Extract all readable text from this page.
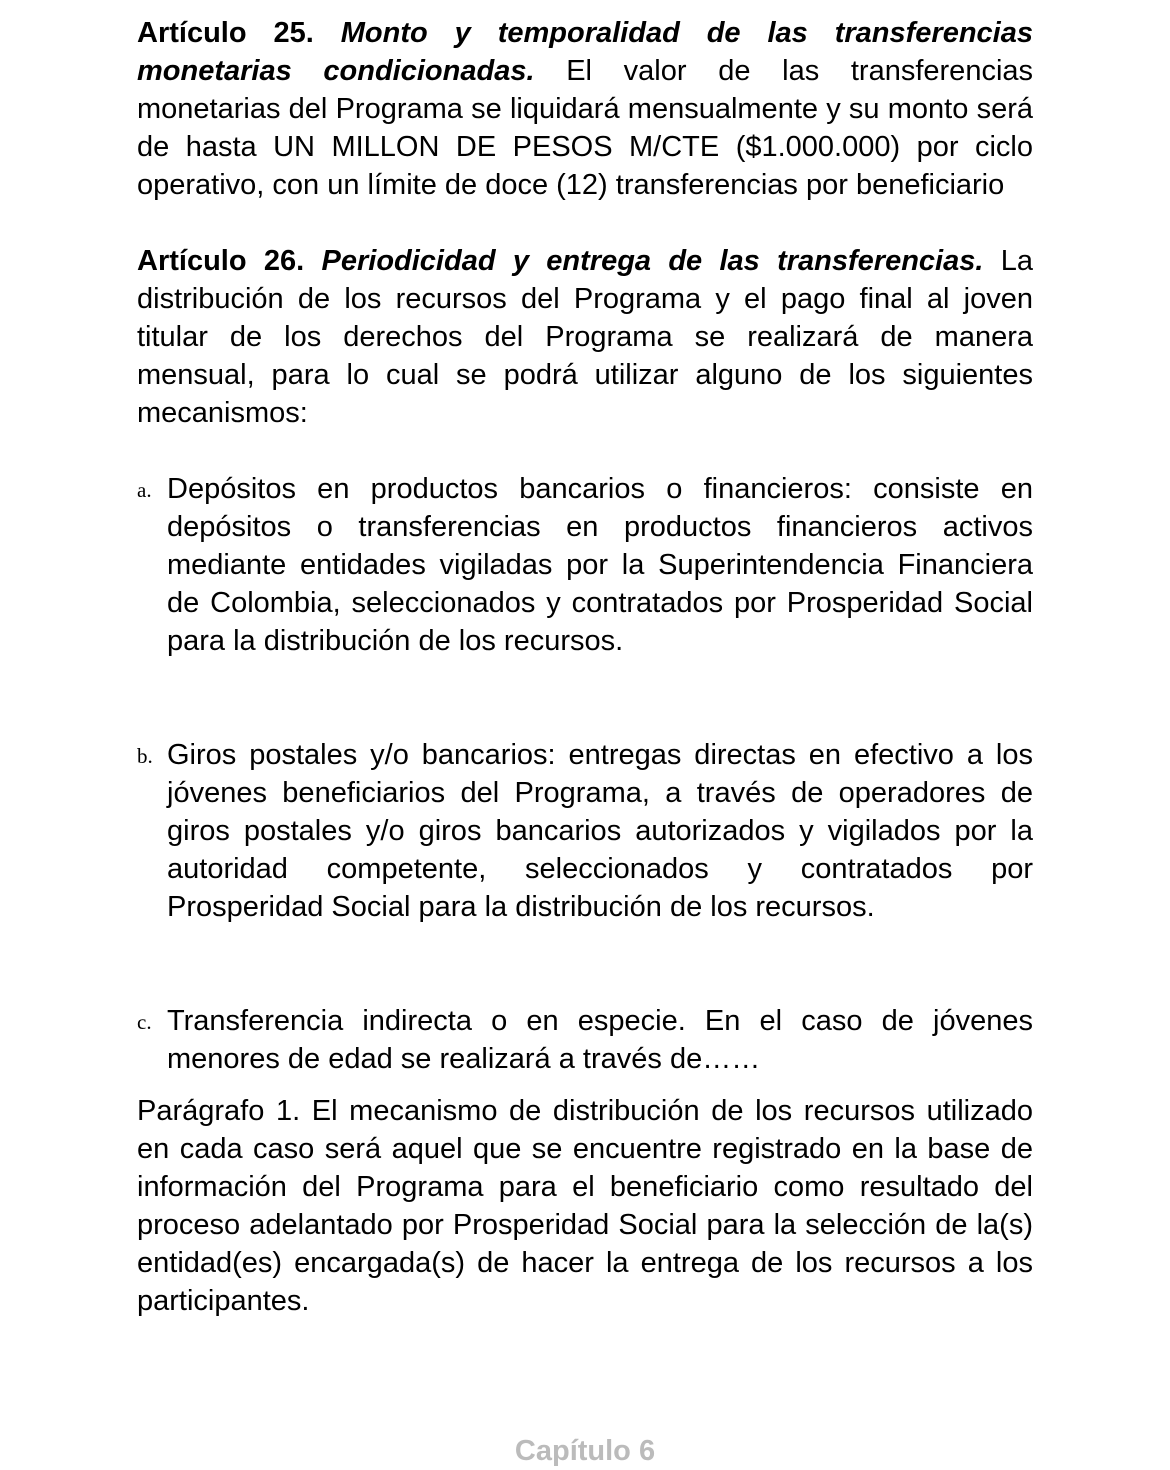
Artículo 25. Monto y temporalidad de las transferencias monetarias condicionadas. El valor de las transferencias monetarias del Programa se liquidará mensualmente y su monto será de hasta UN MILLON DE PESOS M/CTE ($1.000.000) por ciclo operativo, con un límite de doce (12) transferencias por beneficiario

Artículo 26. Periodicidad y entrega de las transferencias. La distribución de los recursos del Programa y el pago final al joven titular de los derechos del Programa se realizará de manera mensual, para lo cual se podrá utilizar alguno de los siguientes mecanismos:

a. Depósitos en productos bancarios o financieros: consiste en depósitos o transferencias en productos financieros activos mediante entidades vigiladas por la Superintendencia Financiera de Colombia, seleccionados y contratados por Prosperidad Social para la distribución de los recursos.
b. Giros postales y/o bancarios: entregas directas en efectivo a los jóvenes beneficiarios del Programa, a través de operadores de giros postales y/o giros bancarios autorizados y vigilados por la autoridad competente, seleccionados y contratados por Prosperidad Social para la distribución de los recursos.
c. Transferencia indirecta o en especie. En el caso de jóvenes menores de edad se realizará a través de……

Parágrafo 1. El mecanismo de distribución de los recursos utilizado en cada caso será aquel que se encuentre registrado en la base de información del Programa para el beneficiario como resultado del proceso adelantado por Prosperidad Social para la selección de la(s) entidad(es) encargada(s) de hacer la entrega de los recursos a los participantes.

Capítulo 6
